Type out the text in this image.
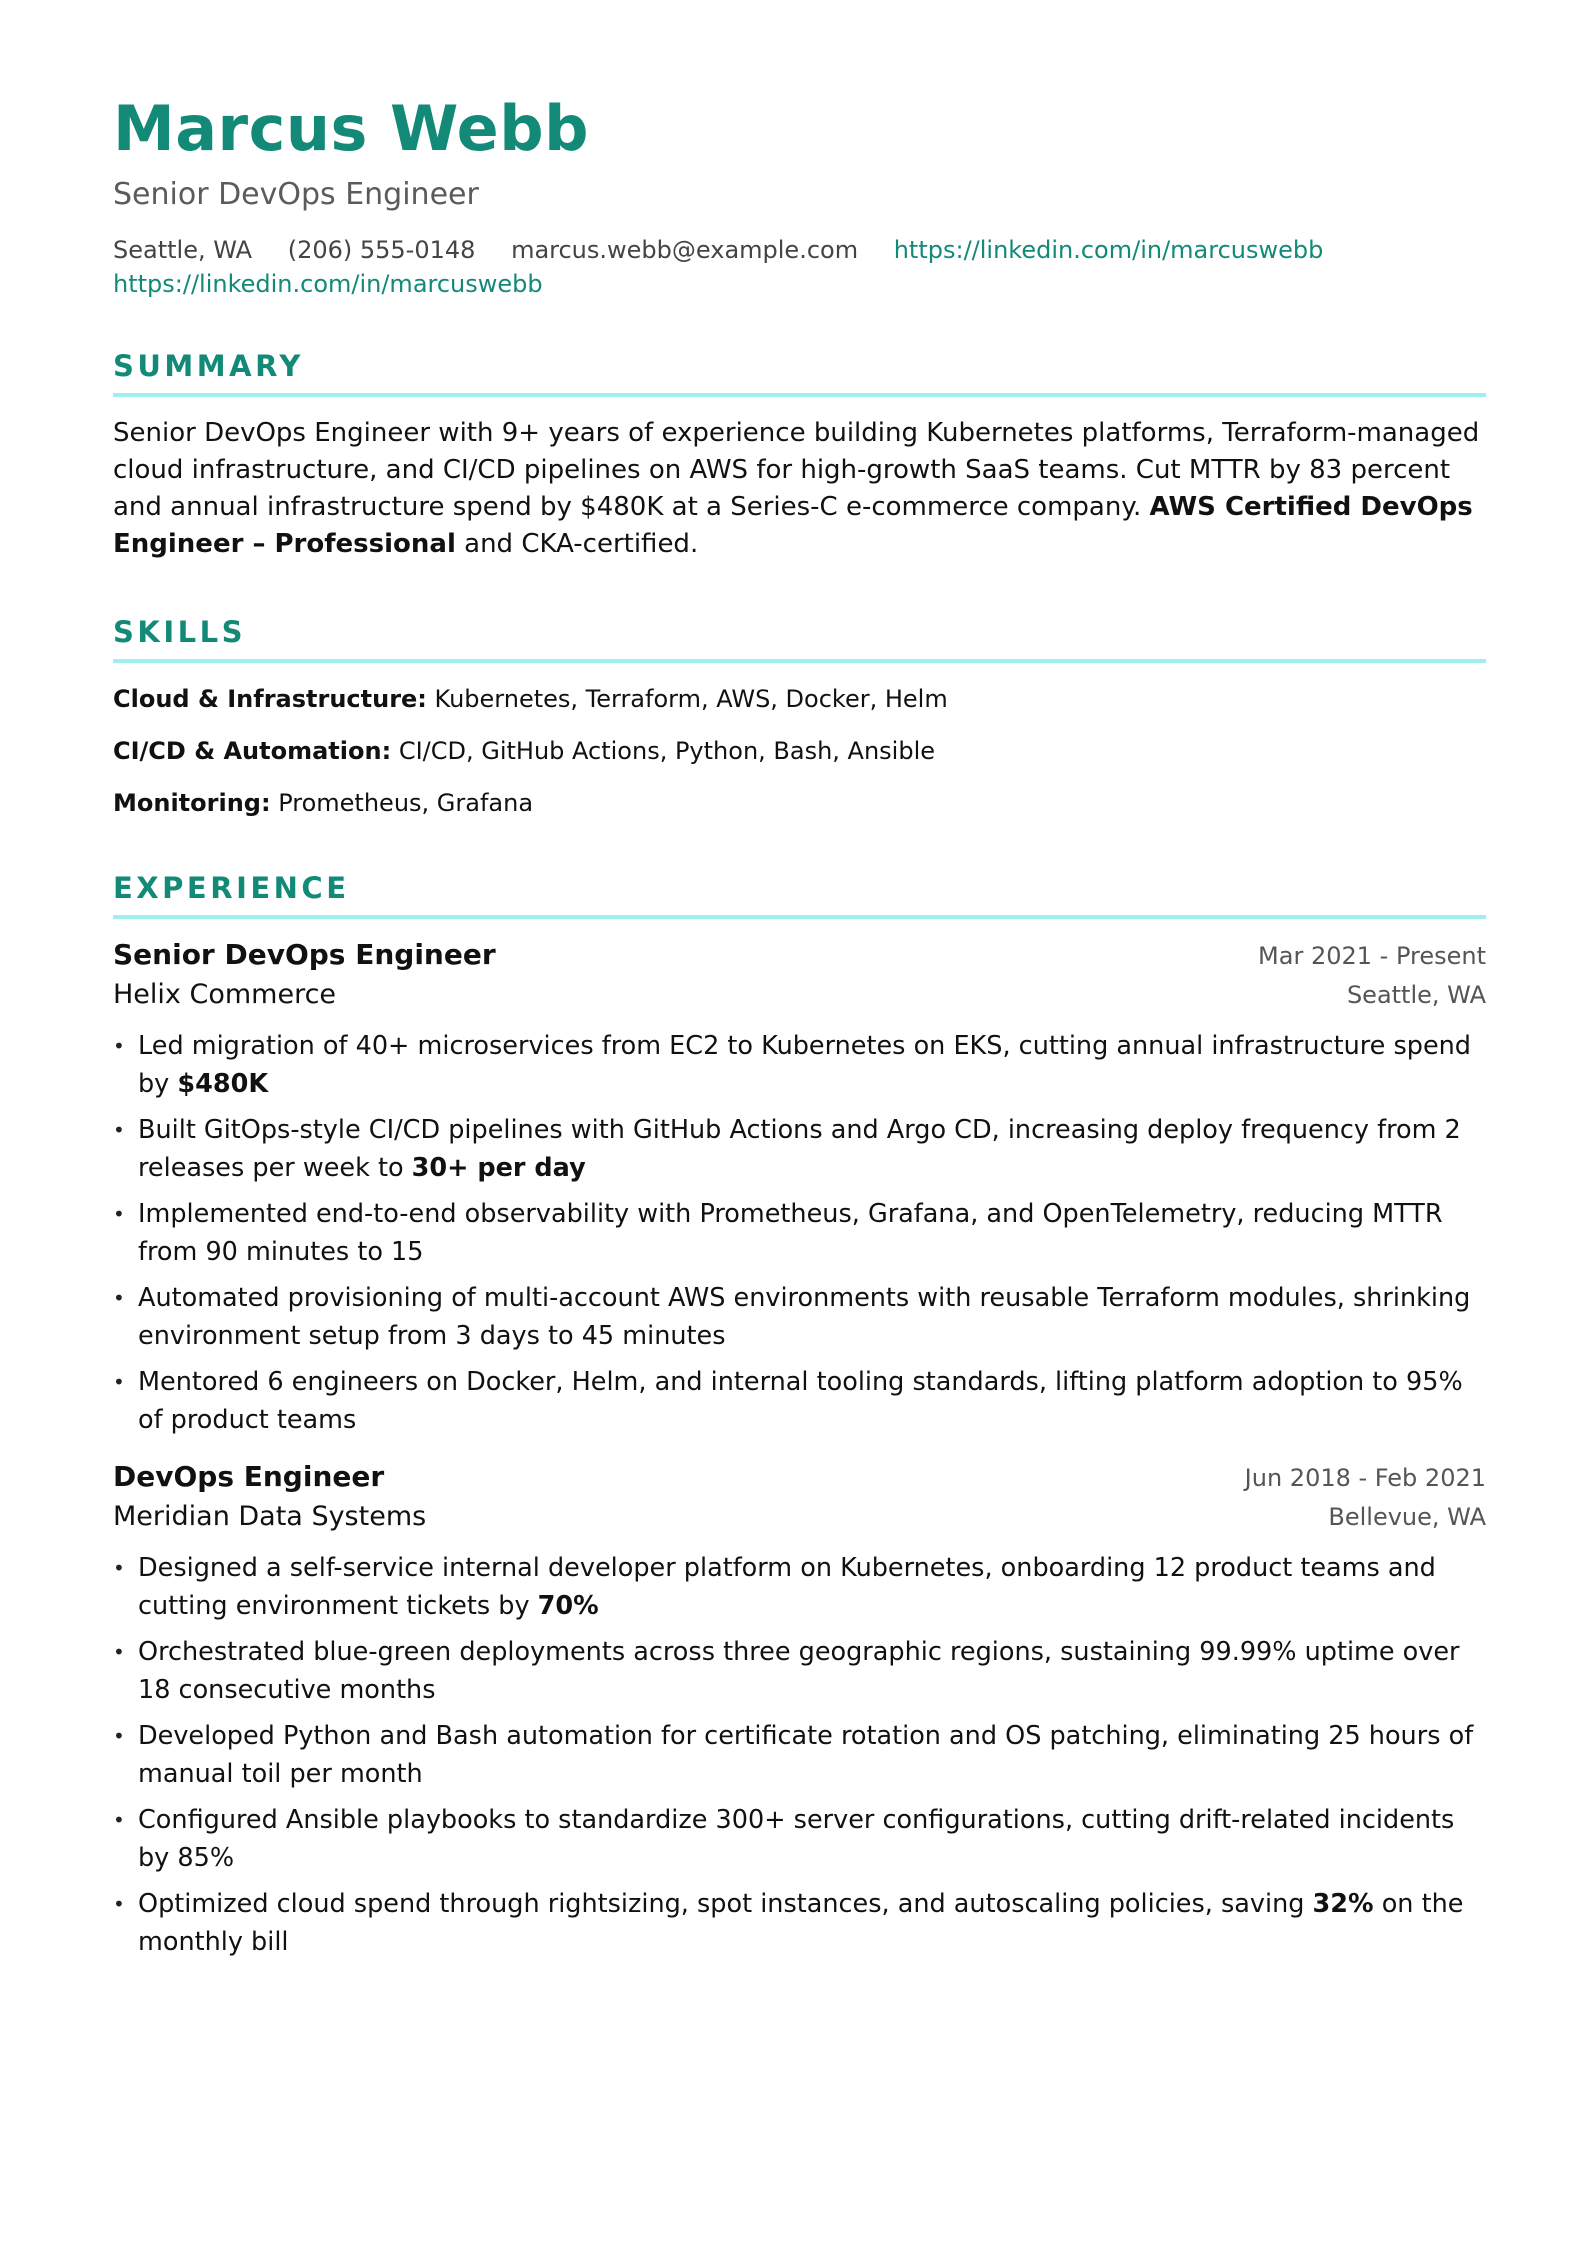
Marcus Webb
Senior DevOps Engineer
Seattle, WA (206) 555-0148 marcus.webb@example.com https://linkedin.com/in/marcuswebb
https://linkedin.com/in/marcuswebb
SUMMARY
Senior DevOps Engineer with 9+ years of experience building Kubernetes platforms, Terraform-managed cloud infrastructure, and CI/CD pipelines on AWS for high-growth SaaS teams. Cut MTTR by 83 percent and annual infrastructure spend by $480K at a Series-C e-commerce company. AWS Certified DevOps Engineer – Professional and CKA-certified.
SKILLS
Cloud & Infrastructure: Kubernetes, Terraform, AWS, Docker, Helm
CI/CD & Automation: CI/CD, GitHub Actions, Python, Bash, Ansible
Monitoring: Prometheus, Grafana
EXPERIENCE
Senior DevOps Engineer	Mar 2021 - Present
Helix Commerce	Seattle, WA
• Led migration of 40+ microservices from EC2 to Kubernetes on EKS, cutting annual infrastructure spend by $480K
• Built GitOps-style CI/CD pipelines with GitHub Actions and Argo CD, increasing deploy frequency from 2 releases per week to 30+ per day
• Implemented end-to-end observability with Prometheus, Grafana, and OpenTelemetry, reducing MTTR from 90 minutes to 15
• Automated provisioning of multi-account AWS environments with reusable Terraform modules, shrinking environment setup from 3 days to 45 minutes
• Mentored 6 engineers on Docker, Helm, and internal tooling standards, lifting platform adoption to 95% of product teams
DevOps Engineer	Jun 2018 - Feb 2021
Meridian Data Systems	Bellevue, WA
• Designed a self-service internal developer platform on Kubernetes, onboarding 12 product teams and cutting environment tickets by 70%
• Orchestrated blue-green deployments across three geographic regions, sustaining 99.99% uptime over 18 consecutive months
• Developed Python and Bash automation for certificate rotation and OS patching, eliminating 25 hours of manual toil per month
• Configured Ansible playbooks to standardize 300+ server configurations, cutting drift-related incidents by 85%
• Optimized cloud spend through rightsizing, spot instances, and autoscaling policies, saving 32% on the monthly bill
